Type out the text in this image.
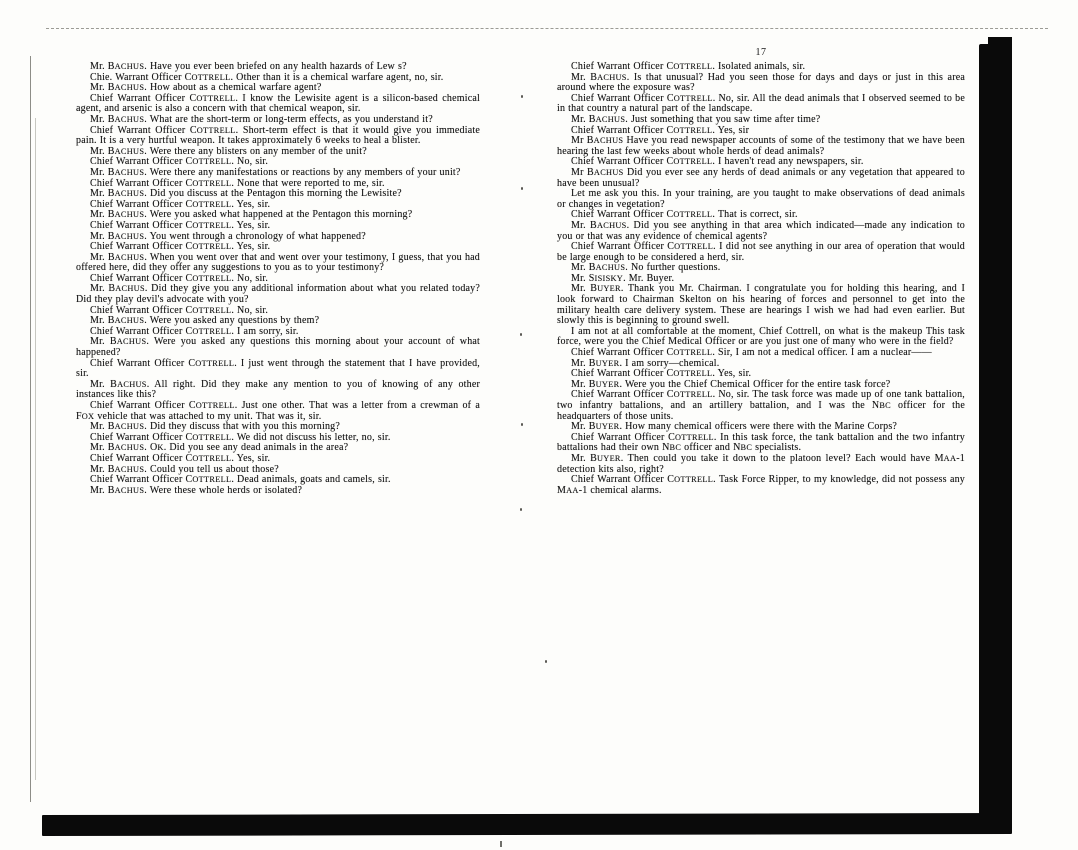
17

Mr. BACHUS. Have you ever been briefed on any health hazards of Lew s?

Chie. Warrant Officer COTTRELL. Other than it is a chemical warfare agent, no, sir.

Mr. BACHUS. How about as a chemical warfare agent?

Chief Warrant Officer COTTRELL. I know the Lewisite agent is a silicon-based chemical agent, and arsenic is also a concern with that chemical weapon, sir.

Mr. BACHUS. What are the short-term or long-term effects, as you understand it?

Chief Warrant Officer COTTRELL. Short-term effect is that it would give you immediate pain. It is a very hurtful weapon. It takes approximately 6 weeks to heal a blister.

Mr. BACHUS. Were there any blisters on any member of the unit?

Chief Warrant Officer COTTRELL. No, sir.

Mr. BACHUS. Were there any manifestations or reactions by any members of your unit?

Chief Warrant Officer COTTRELL. None that were reported to me, sir.

Mr. BACHUS. Did you discuss at the Pentagon this morning the Lewisite?

Chief Warrant Officer COTTRELL. Yes, sir.

Mr. BACHUS. Were you asked what happened at the Pentagon this morning?

Chief Warrant Officer COTTRELL. Yes, sir.

Mr. BACHUS. You went through a chronology of what happened?

Chief Warrant Officer COTTRELL. Yes, sir.

Mr. BACHUS. When you went over that and went over your testimony, I guess, that you had offered here, did they offer any suggestions to you as to your testimony?

Chief Warrant Officer COTTRELL. No, sir.

Mr. BACHUS. Did they give you any additional information about what you related today? Did they play devil's advocate with you?

Chief Warrant Officer COTTRELL. No, sir.

Mr. BACHUS. Were you asked any questions by them?

Chief Warrant Officer COTTRELL. I am sorry, sir.

Mr. BACHUS. Were you asked any questions this morning about your account of what happened?

Chief Warrant Officer COTTRELL. I just went through the statement that I have provided, sir.

Mr. BACHUS. All right. Did they make any mention to you of knowing of any other instances like this?

Chief Warrant Officer COTTRELL. Just one other. That was a letter from a crewman of a FOX vehicle that was attached to my unit. That was it, sir.

Mr. BACHUS. Did they discuss that with you this morning?

Chief Warrant Officer COTTRELL. We did not discuss his letter, no, sir.

Mr. BACHUS. OK. Did you see any dead animals in the area?

Chief Warrant Officer COTTRELL. Yes, sir.

Mr. BACHUS. Could you tell us about those?

Chief Warrant Officer COTTRELL. Dead animals, goats and camels, sir.

Mr. BACHUS. Were these whole herds or isolated?

Chief Warrant Officer COTTRELL. Isolated animals, sir.

Mr. BACHUS. Is that unusual? Had you seen those for days and days or just in this area around where the exposure was?

Chief Warrant Officer COTTRELL. No, sir. All the dead animals that I observed seemed to be in that country a natural part of the landscape.

Mr. BACHUS. Just something that you saw time after time?

Chief Warrant Officer COTTRELL. Yes, sir

Mr BACHUS Have you read newspaper accounts of some of the testimony that we have been hearing the last few weeks about whole herds of dead animals?

Chief Warrant Officer COTTRELL. I haven't read any newspapers, sir.

Mr BACHUS Did you ever see any herds of dead animals or any vegetation that appeared to have been unusual?

Let me ask you this. In your training, are you taught to make observations of dead animals or changes in vegetation?

Chief Warrant Officer COTTRELL. That is correct, sir.

Mr. BACHUS. Did you see anything in that area which indicated—made any indication to you or that was any evidence of chemical agents?

Chief Warrant Officer COTTRELL. I did not see anything in our area of operation that would be large enough to be considered a herd, sir.

Mr. BACHUS. No further questions.

Mr. SISISKY. Mr. Buyer.

Mr. BUYER. Thank you Mr. Chairman. I congratulate you for holding this hearing, and I look forward to Chairman Skelton on his hearing of forces and personnel to get into the military health care delivery system. These are hearings I wish we had had even earlier. But slowly this is beginning to ground swell.

I am not at all comfortable at the moment, Chief Cottrell, on what is the makeup This task force, were you the Chief Medical Officer or are you just one of many who were in the field?

Chief Warrant Officer COTTRELL. Sir, I am not a medical officer. I am a nuclear——

Mr. BUYER. I am sorry—chemical.

Chief Warrant Officer COTTRELL. Yes, sir.

Mr. BUYER. Were you the Chief Chemical Officer for the entire task force?

Chief Warrant Officer COTTRELL. No, sir. The task force was made up of one tank battalion, two infantry battalions, and an artillery battalion, and I was the NBC officer for the headquarters of those units.

Mr. BUYER. How many chemical officers were there with the Marine Corps?

Chief Warrant Officer COTTRELL. In this task force, the tank battalion and the two infantry battalions had their own NBC officer and NBC specialists.

Mr. BUYER. Then could you take it down to the platoon level? Each would have MAA-1 detection kits also, right?

Chief Warrant Officer COTTRELL. Task Force Ripper, to my knowledge, did not possess any MAA-1 chemical alarms.
